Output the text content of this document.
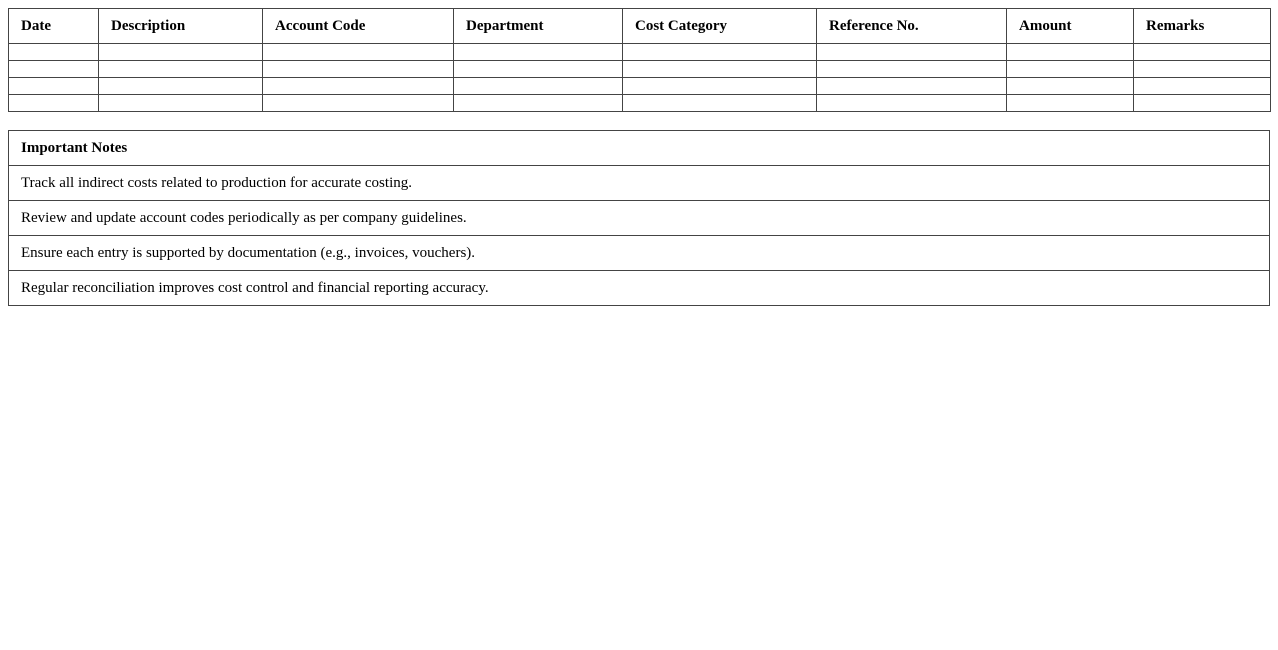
Date	Description	Account Code	Department	Cost Category	Reference No.	Amount	Remarks

Important Notes
Track all indirect costs related to production for accurate costing.
Review and update account codes periodically as per company guidelines.
Ensure each entry is supported by documentation (e.g., invoices, vouchers).
Regular reconciliation improves cost control and financial reporting accuracy.
